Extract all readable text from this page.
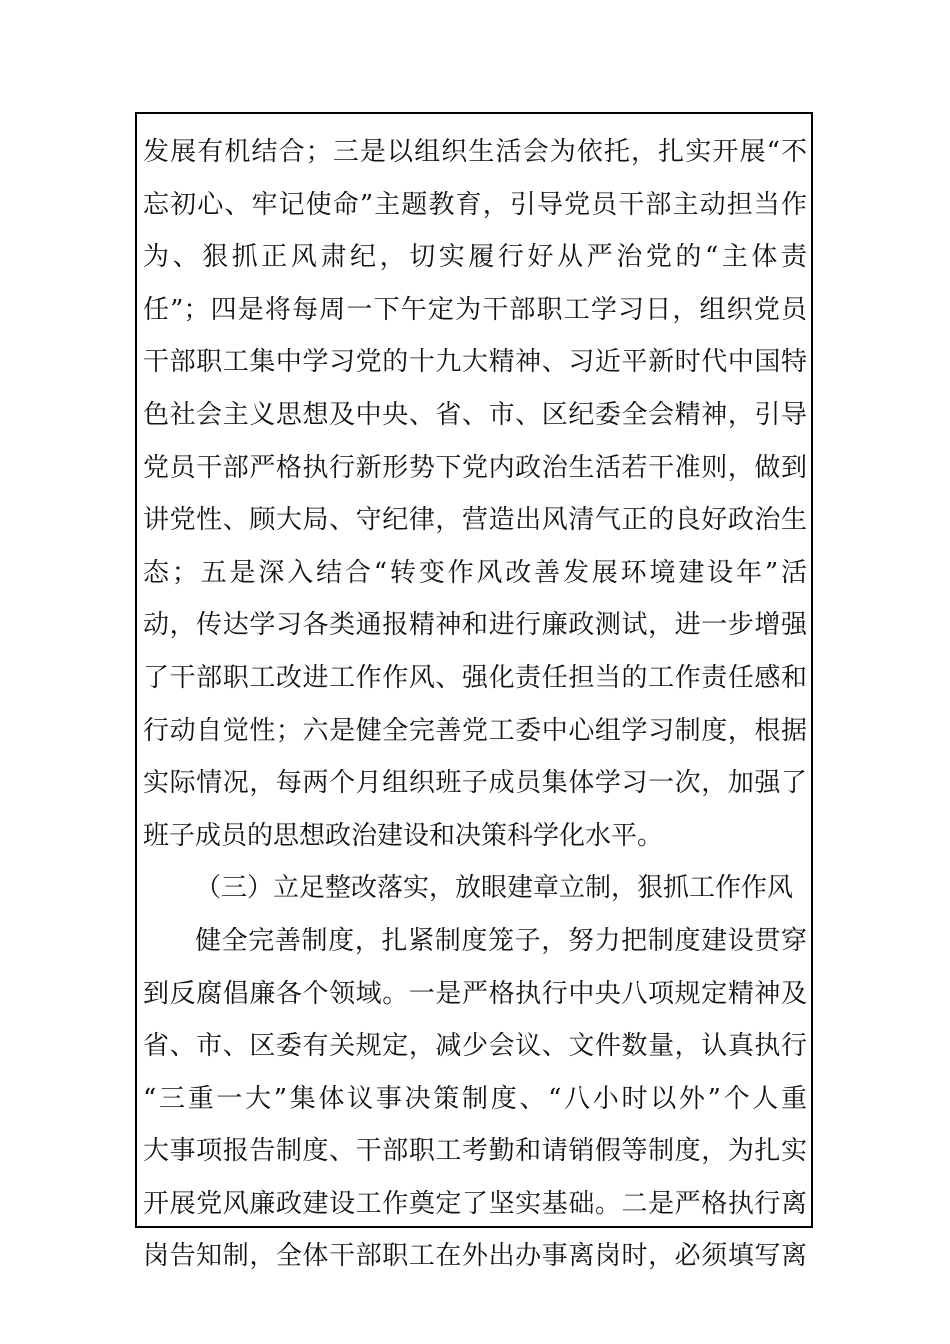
发展有机结合；三是以组织生活会为依托，扎实开展“不
忘初心、牢记使命”主题教育，引导党员干部主动担当作
为、狠抓正风肃纪，切实履行好从严治党的“主体责
任”；四是将每周一下午定为干部职工学习日，组织党员
干部职工集中学习党的十九大精神、习近平新时代中国特
色社会主义思想及中央、省、市、区纪委全会精神，引导
党员干部严格执行新形势下党内政治生活若干准则，做到
讲党性、顾大局、守纪律，营造出风清气正的良好政治生
态；五是深入结合“转变作风改善发展环境建设年”活
动，传达学习各类通报精神和进行廉政测试，进一步增强
了干部职工改进工作作风、强化责任担当的工作责任感和
行动自觉性；六是健全完善党工委中心组学习制度，根据
实际情况，每两个月组织班子成员集体学习一次，加强了
班子成员的思想政治建设和决策科学化水平。
（三）立足整改落实，放眼建章立制，狠抓工作作风
健全完善制度，扎紧制度笼子，努力把制度建设贯穿
到反腐倡廉各个领域。一是严格执行中央八项规定精神及
省、市、区委有关规定，减少会议、文件数量，认真执行
“三重一大”集体议事决策制度、“八小时以外”个人重
大事项报告制度、干部职工考勤和请销假等制度，为扎实
开展党风廉政建设工作奠定了坚实基础。二是严格执行离
岗告知制，全体干部职工在外出办事离岗时，必须填写离
